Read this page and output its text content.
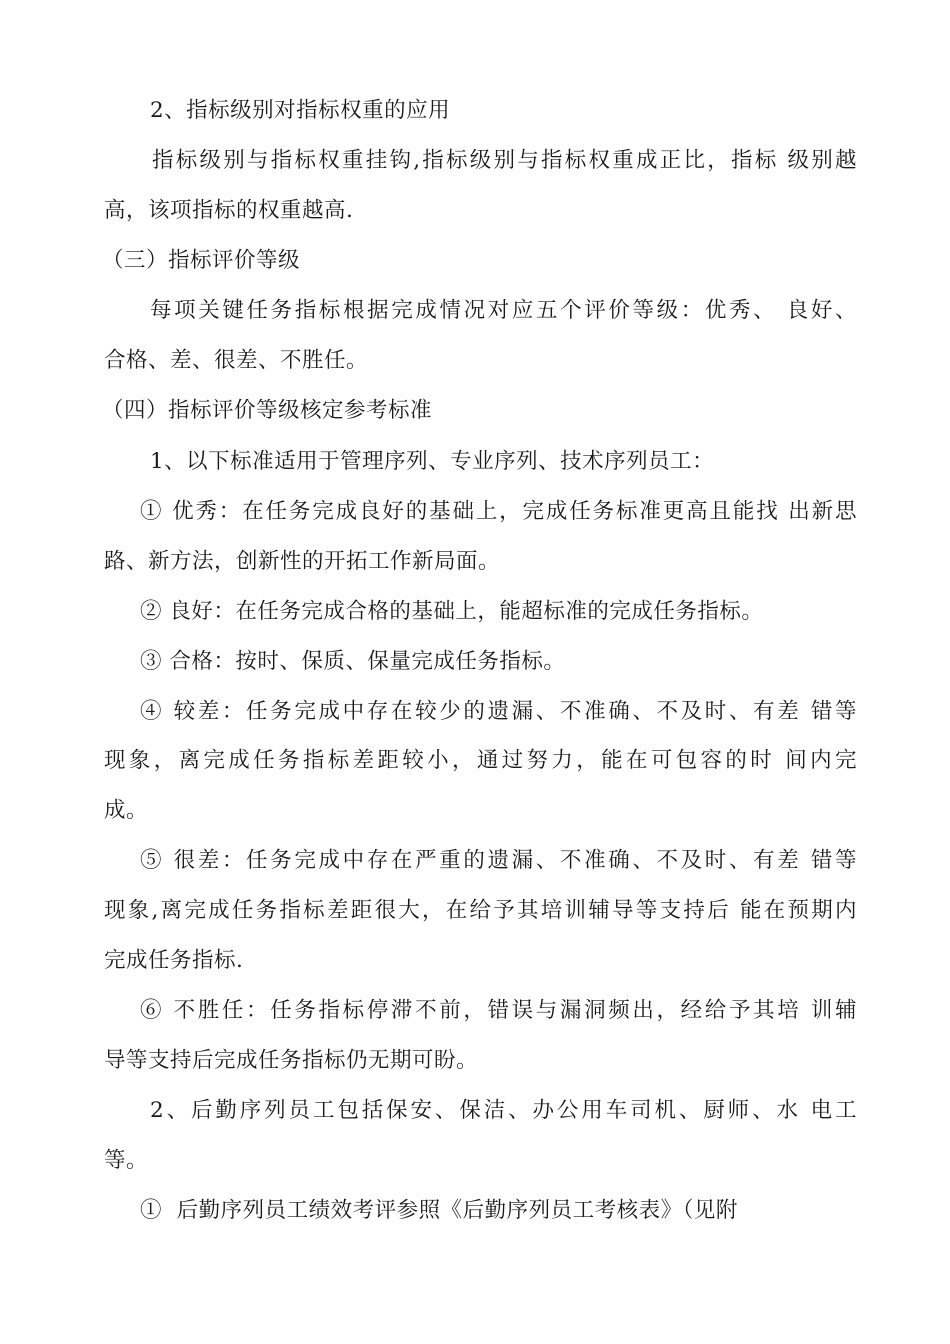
2、指标级别对指标权重的应用
指标级别与指标权重挂钩,指标级别与指标权重成正比，指标 级别越
高，该项指标的权重越高.
（三）指标评价等级
每项关键任务指标根据完成情况对应五个评价等级：优秀、 良好、
合格、差、很差、不胜任。
（四）指标评价等级核定参考标准
1、以下标准适用于管理序列、专业序列、技术序列员工：
① 优秀：在任务完成良好的基础上，完成任务标准更高且能找 出新思
路、新方法，创新性的开拓工作新局面。
② 良好：在任务完成合格的基础上，能超标准的完成任务指标。
③ 合格：按时、保质、保量完成任务指标。
④ 较差：任务完成中存在较少的遗漏、不准确、不及时、有差 错等
现象，离完成任务指标差距较小，通过努力，能在可包容的时 间内完
成。
⑤ 很差：任务完成中存在严重的遗漏、不准确、不及时、有差 错等
现象,离完成任务指标差距很大，在给予其培训辅导等支持后 能在预期内
完成任务指标.
⑥ 不胜任：任务指标停滞不前，错误与漏洞频出，经给予其培 训辅
导等支持后完成任务指标仍无期可盼。
2、后勤序列员工包括保安、保洁、办公用车司机、厨师、水 电工
等。
①  后勤序列员工绩效考评参照《后勤序列员工考核表》（见附
